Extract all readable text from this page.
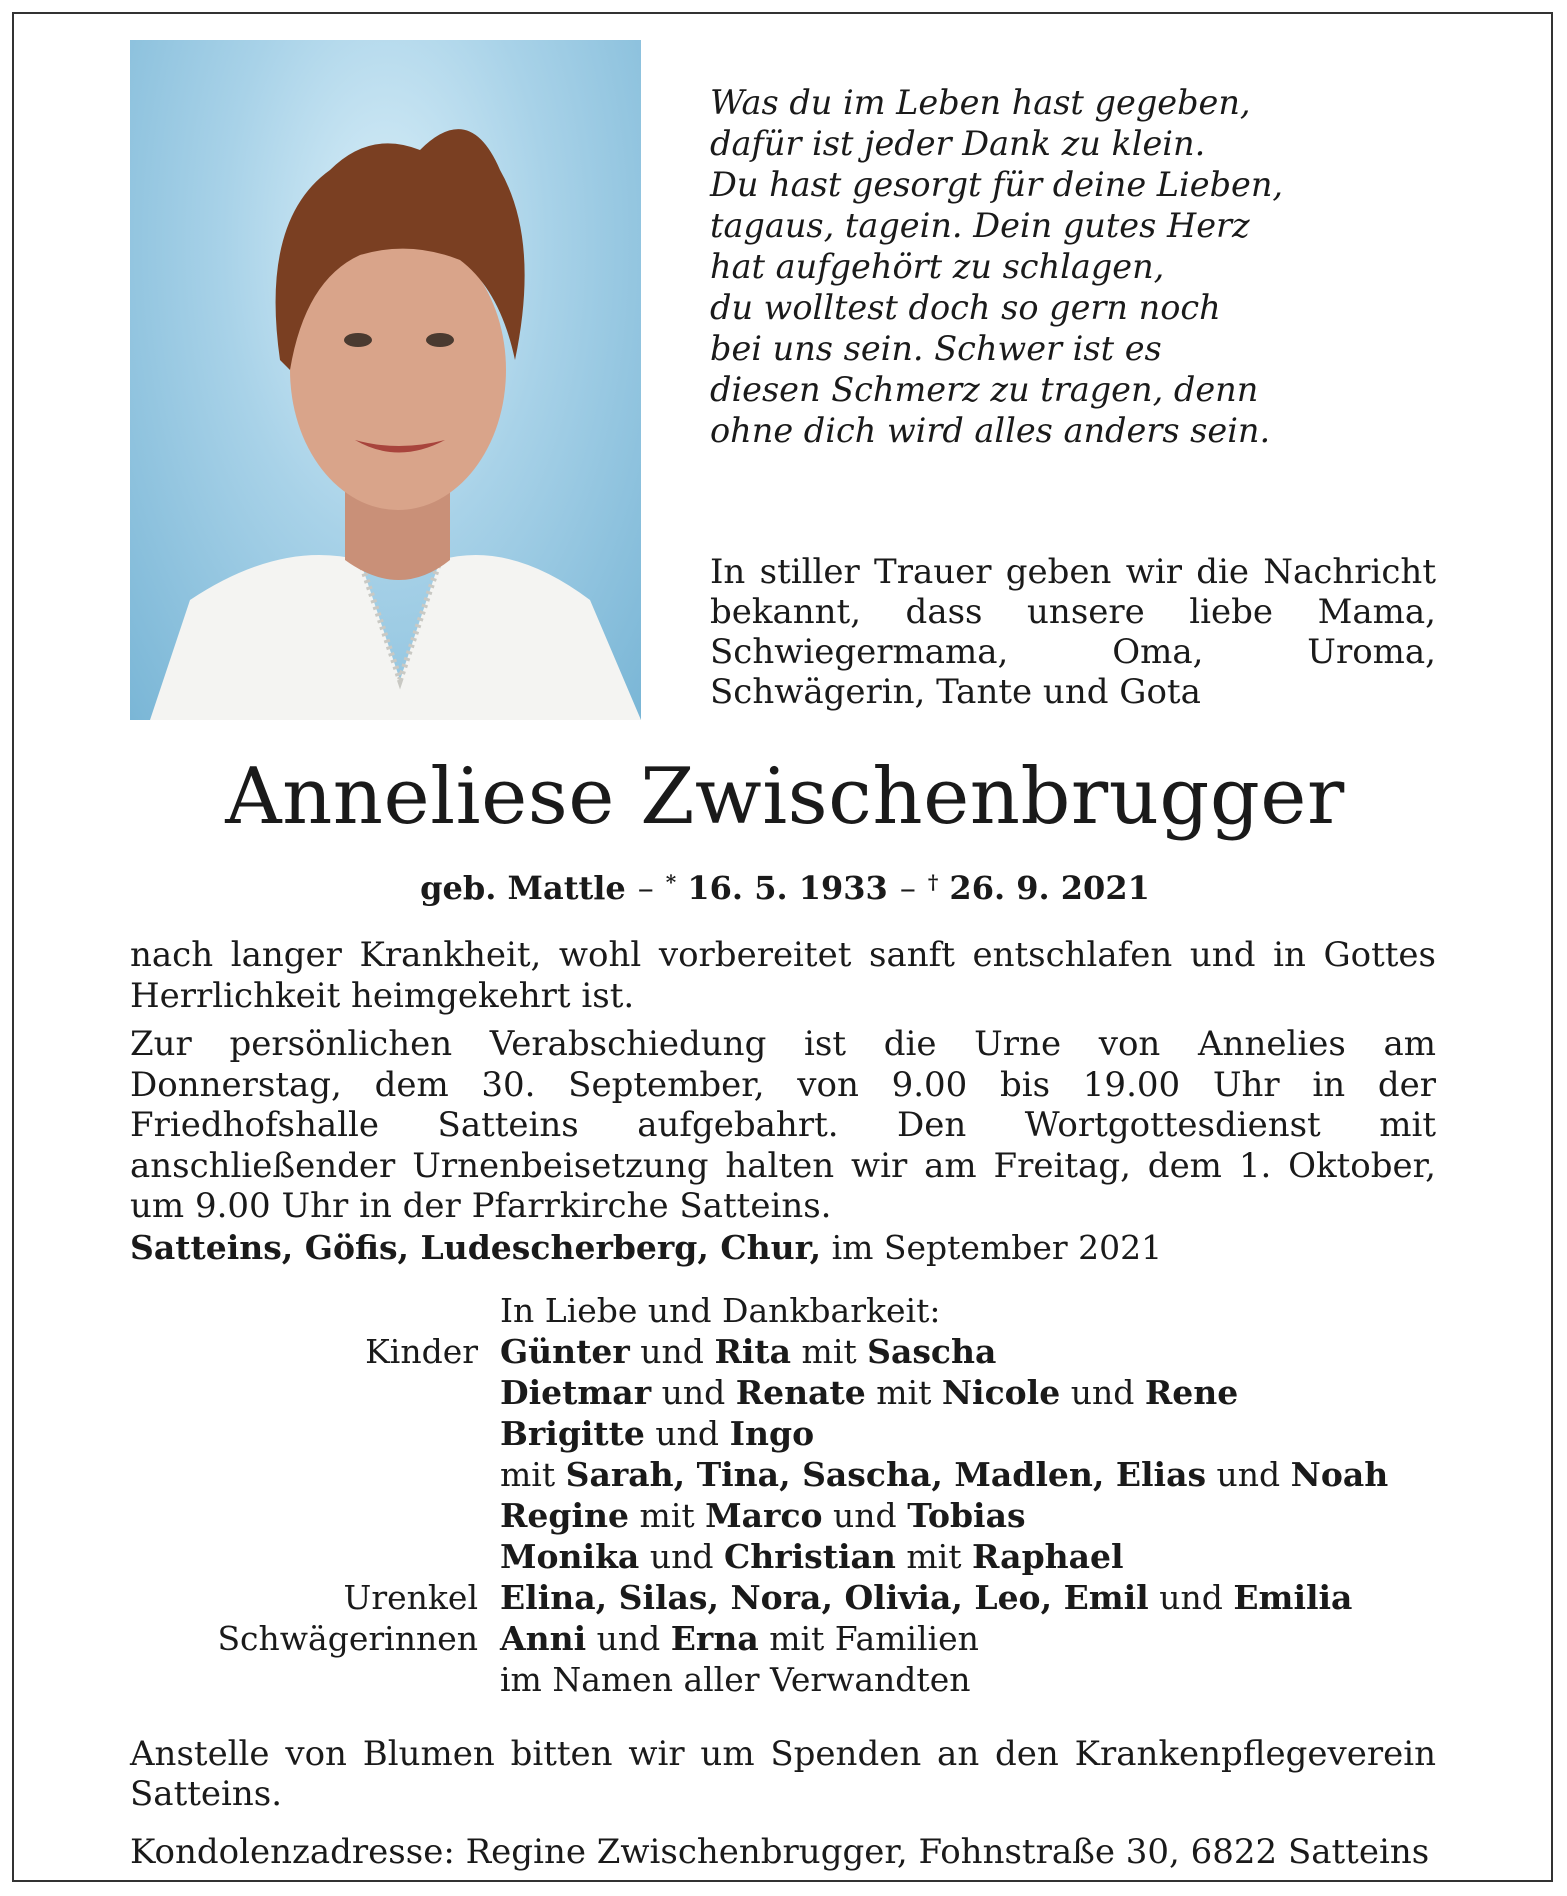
Was du im Leben hast gegeben,
dafür ist jeder Dank zu klein.
Du hast gesorgt für deine Lieben,
tagaus, tagein. Dein gutes Herz
hat aufgehört zu schlagen,
du wolltest doch so gern noch
bei uns sein. Schwer ist es
diesen Schmerz zu tragen, denn
ohne dich wird alles anders sein.
In stiller Trauer geben wir die Nachricht bekannt, dass unsere liebe Mama, Schwiegermama, Oma, Uroma, Schwägerin, Tante und Gota
Anneliese Zwischenbrugger
geb. Mattle – * 16. 5. 1933 – † 26. 9. 2021

nach langer Krankheit, wohl vorbereitet sanft entschlafen und in Gottes Herrlichkeit heimgekehrt ist.

Zur persönlichen Verabschiedung ist die Urne von Annelies am Donnerstag, dem 30. September, von 9.00 bis 19.00 Uhr in der Friedhofshalle Satteins aufgebahrt. Den Wortgottesdienst mit anschließender Urnenbeisetzung halten wir am Freitag, dem 1. Oktober, um 9.00 Uhr in der Pfarrkirche Satteins.

Satteins, Göfis, Ludescherberg, Chur, im September 2021
In Liebe und Dankbarkeit:
Kinder Günter und Rita mit Sascha
Dietmar und Renate mit Nicole und Rene
Brigitte und Ingo
mit Sarah, Tina, Sascha, Madlen, Elias und Noah
Regine mit Marco und Tobias
Monika und Christian mit Raphael
Urenkel Elina, Silas, Nora, Olivia, Leo, Emil und Emilia
Schwägerinnen Anni und Erna mit Familien
im Namen aller Verwandten
Anstelle von Blumen bitten wir um Spenden an den Krankenpflegeverein Satteins.
Kondolenzadresse: Regine Zwischenbrugger, Fohnstraße 30, 6822 Satteins
